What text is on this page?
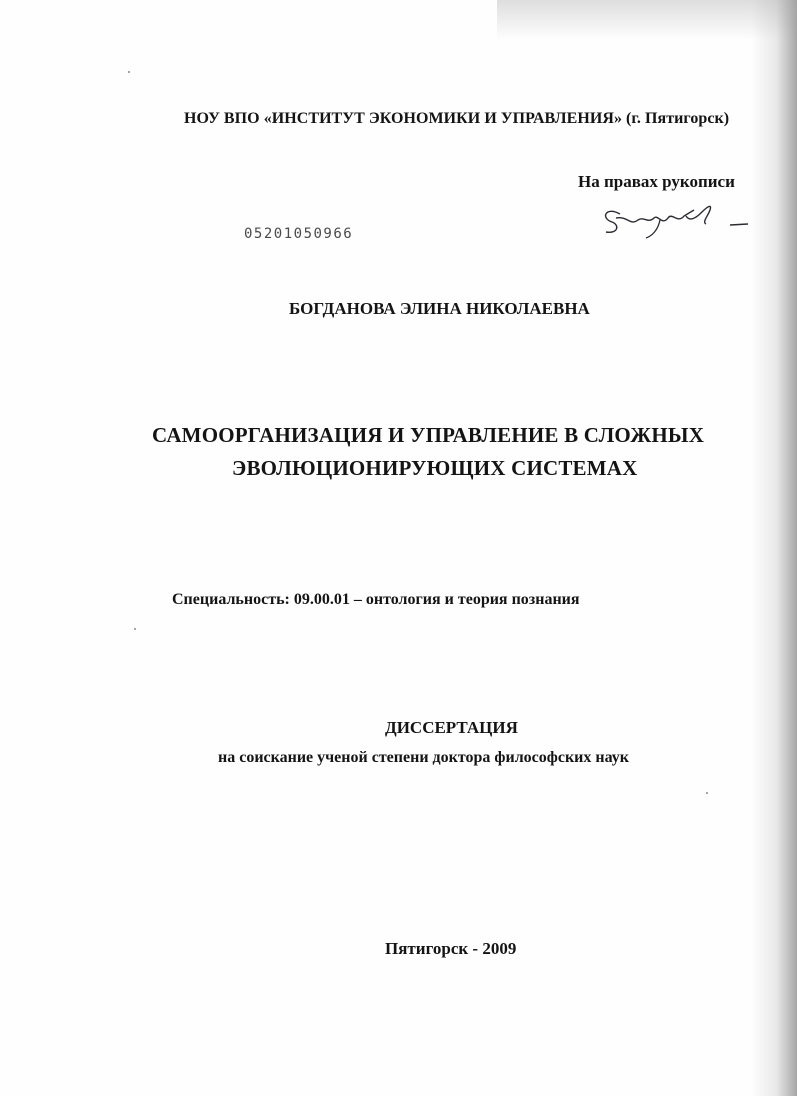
НОУ ВПО «ИНСТИТУТ ЭКОНОМИКИ И УПРАВЛЕНИЯ» (г. Пятигорск)
На правах рукописи
05201050966
БОГДАНОВА ЭЛИНА НИКОЛАЕВНА
САМООРГАНИЗАЦИЯ И УПРАВЛЕНИЕ В СЛОЖНЫХ
ЭВОЛЮЦИОНИРУЮЩИХ СИСТЕМАХ
Специальность: 09.00.01 – онтология и теория познания
ДИССЕРТАЦИЯ
на соискание ученой степени доктора философских наук
Пятигорск - 2009
